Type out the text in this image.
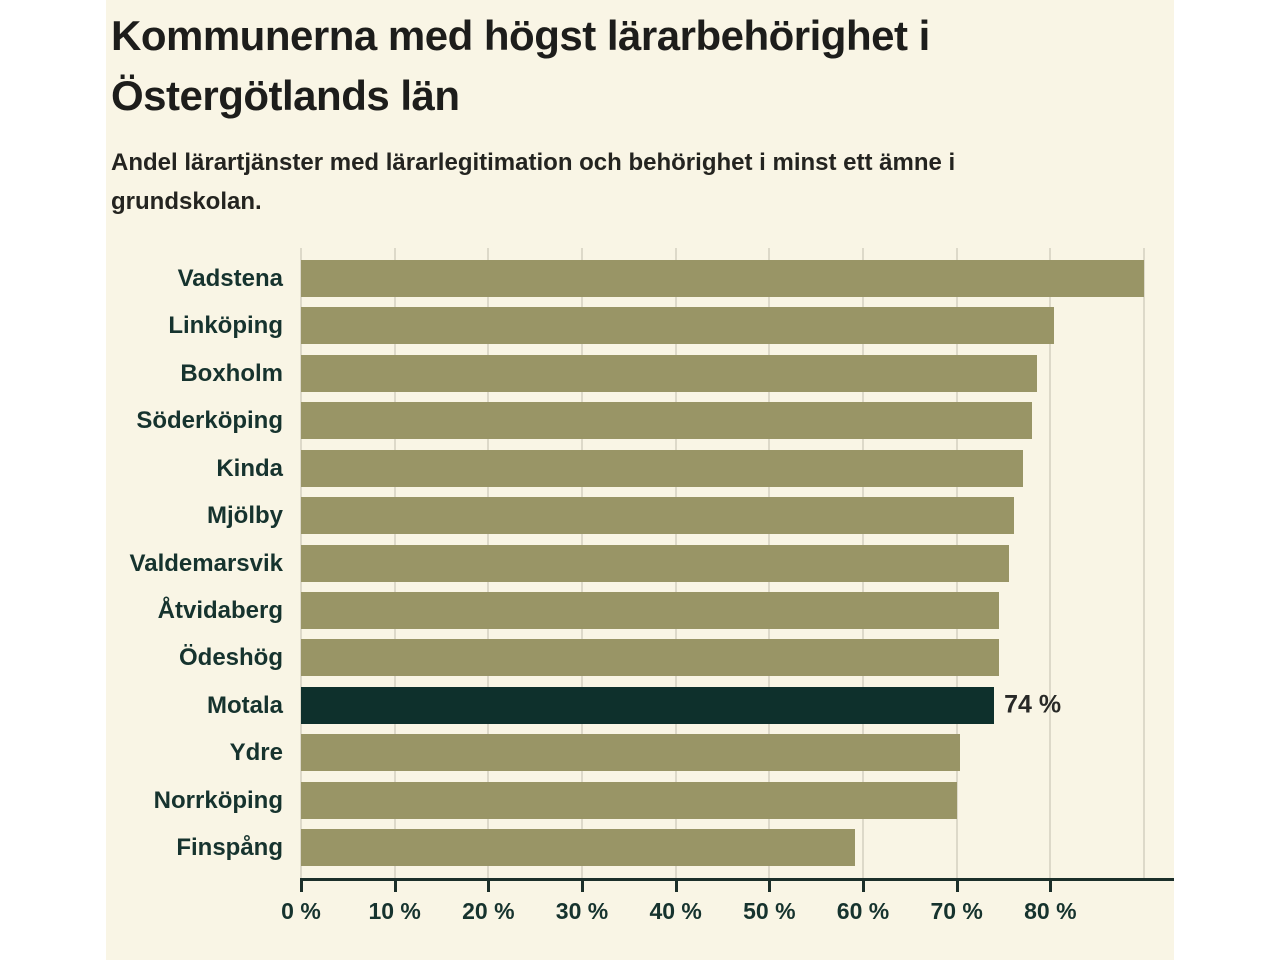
Kommunerna med högst lärarbehörighet i
Östergötlands län
Andel lärartjänster med lärarlegitimation och behörighet i minst ett ämne i
grundskolan.
74 %
0 % 10 % 20 % 30 % 40 % 50 % 60 % 70 % 80 %
Vadstena
Linköping
Boxholm
Söderköping
Kinda
Mjölby
Valdemarsvik
Åtvidaberg
Ödeshög
Motala
Ydre
Norrköping
Finspång
